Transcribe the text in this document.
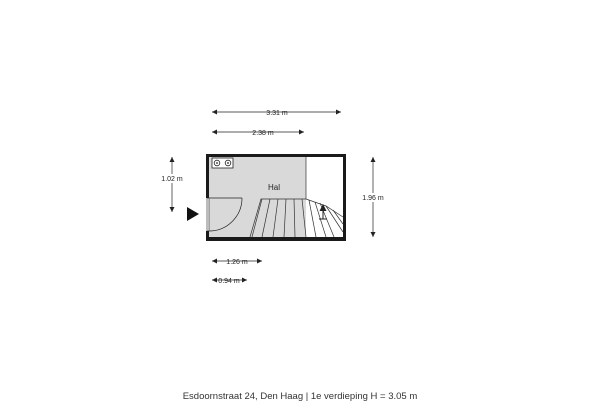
Hal
3.31 m
2.38 m
1.02 m
1.96 m
1.26 m
0.94 m
Esdoornstraat 24, Den Haag | 1e verdieping H = 3.05 m
